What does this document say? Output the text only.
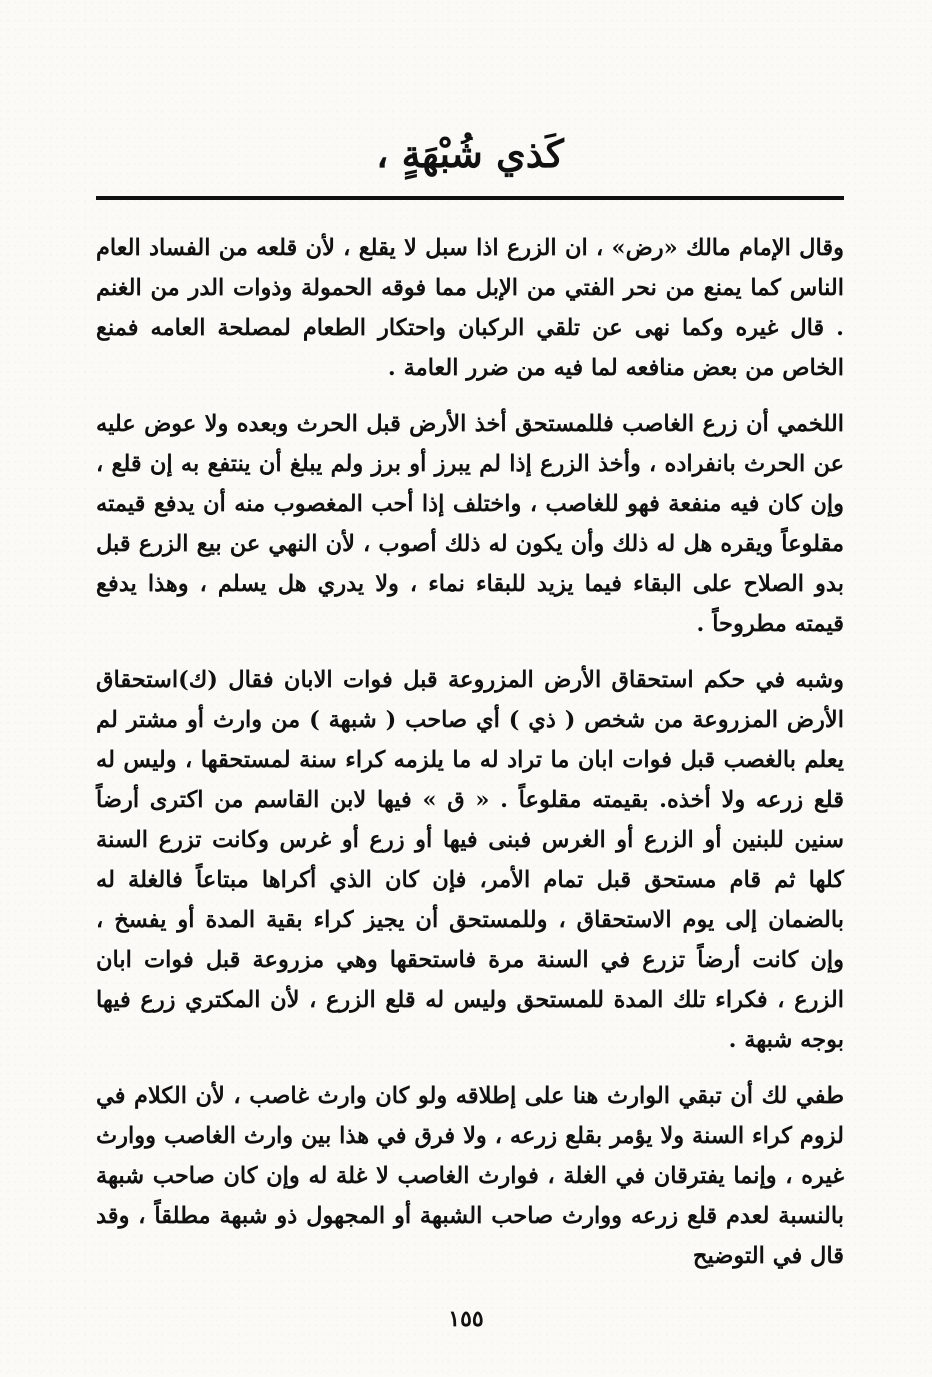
كَذي شُبْهَةٍ ،

وقال الإمام مالك «رض» ، ان الزرع اذا سبل لا يقلع ، لأن قلعه من الفساد العام الناس كما يمنع من نحر الفتي من الإبل مما فوقه الحمولة وذوات الدر من الغنم . قال غيره وكما نهى عن تلقي الركبان واحتكار الطعام لمصلحة العامه فمنع الخاص من بعض منافعه لما فيه من ضرر العامة .

اللخمي أن زرع الغاصب فللمستحق أخذ الأرض قبل الحرث وبعده ولا عوض عليه عن الحرث بانفراده ، وأخذ الزرع إذا لم يبرز أو برز ولم يبلغ أن ينتفع به إن قلع ، وإن كان فيه منفعة فهو للغاصب ، واختلف إذا أحب المغصوب منه أن يدفع قيمته مقلوعاً ويقره هل له ذلك وأن يكون له ذلك أصوب ، لأن النهي عن بيع الزرع قبل بدو الصلاح على البقاء فيما يزيد للبقاء نماء ، ولا يدري هل يسلم ، وهذا يدفع قيمته مطروحاً .

وشبه في حكم استحقاق الأرض المزروعة قبل فوات الابان فقال (ك)استحقاق الأرض المزروعة من شخص ( ذي ) أي صاحب ( شبهة ) من وارث أو مشتر لم يعلم بالغصب قبل فوات ابان ما تراد له ما يلزمه كراء سنة لمستحقها ، وليس له قلع زرعه ولا أخذه. بقيمته مقلوعاً . « ق » فيها لابن القاسم من اكترى أرضاً سنين للبنين أو الزرع أو الغرس فبنى فيها أو زرع أو غرس وكانت تزرع السنة كلها ثم قام مستحق قبل تمام الأمر، فإن كان الذي أكراها مبتاعاً فالغلة له بالضمان إلى يوم الاستحقاق ، وللمستحق أن يجيز كراء بقية المدة أو يفسخ ، وإن كانت أرضاً تزرع في السنة مرة فاستحقها وهي مزروعة قبل فوات ابان الزرع ، فكراء تلك المدة للمستحق وليس له قلع الزرع ، لأن المكتري زرع فيها بوجه شبهة .

طفي لك أن تبقي الوارث هنا على إطلاقه ولو كان وارث غاصب ، لأن الكلام في لزوم كراء السنة ولا يؤمر بقلع زرعه ، ولا فرق في هذا بين وارث الغاصب ووارث غيره ، وإنما يفترقان في الغلة ، فوارث الغاصب لا غلة له وإن كان صاحب شبهة بالنسبة لعدم قلع زرعه ووارث صاحب الشبهة أو المجهول ذو شبهة مطلقاً ، وقد قال في التوضيح

١٥٥
